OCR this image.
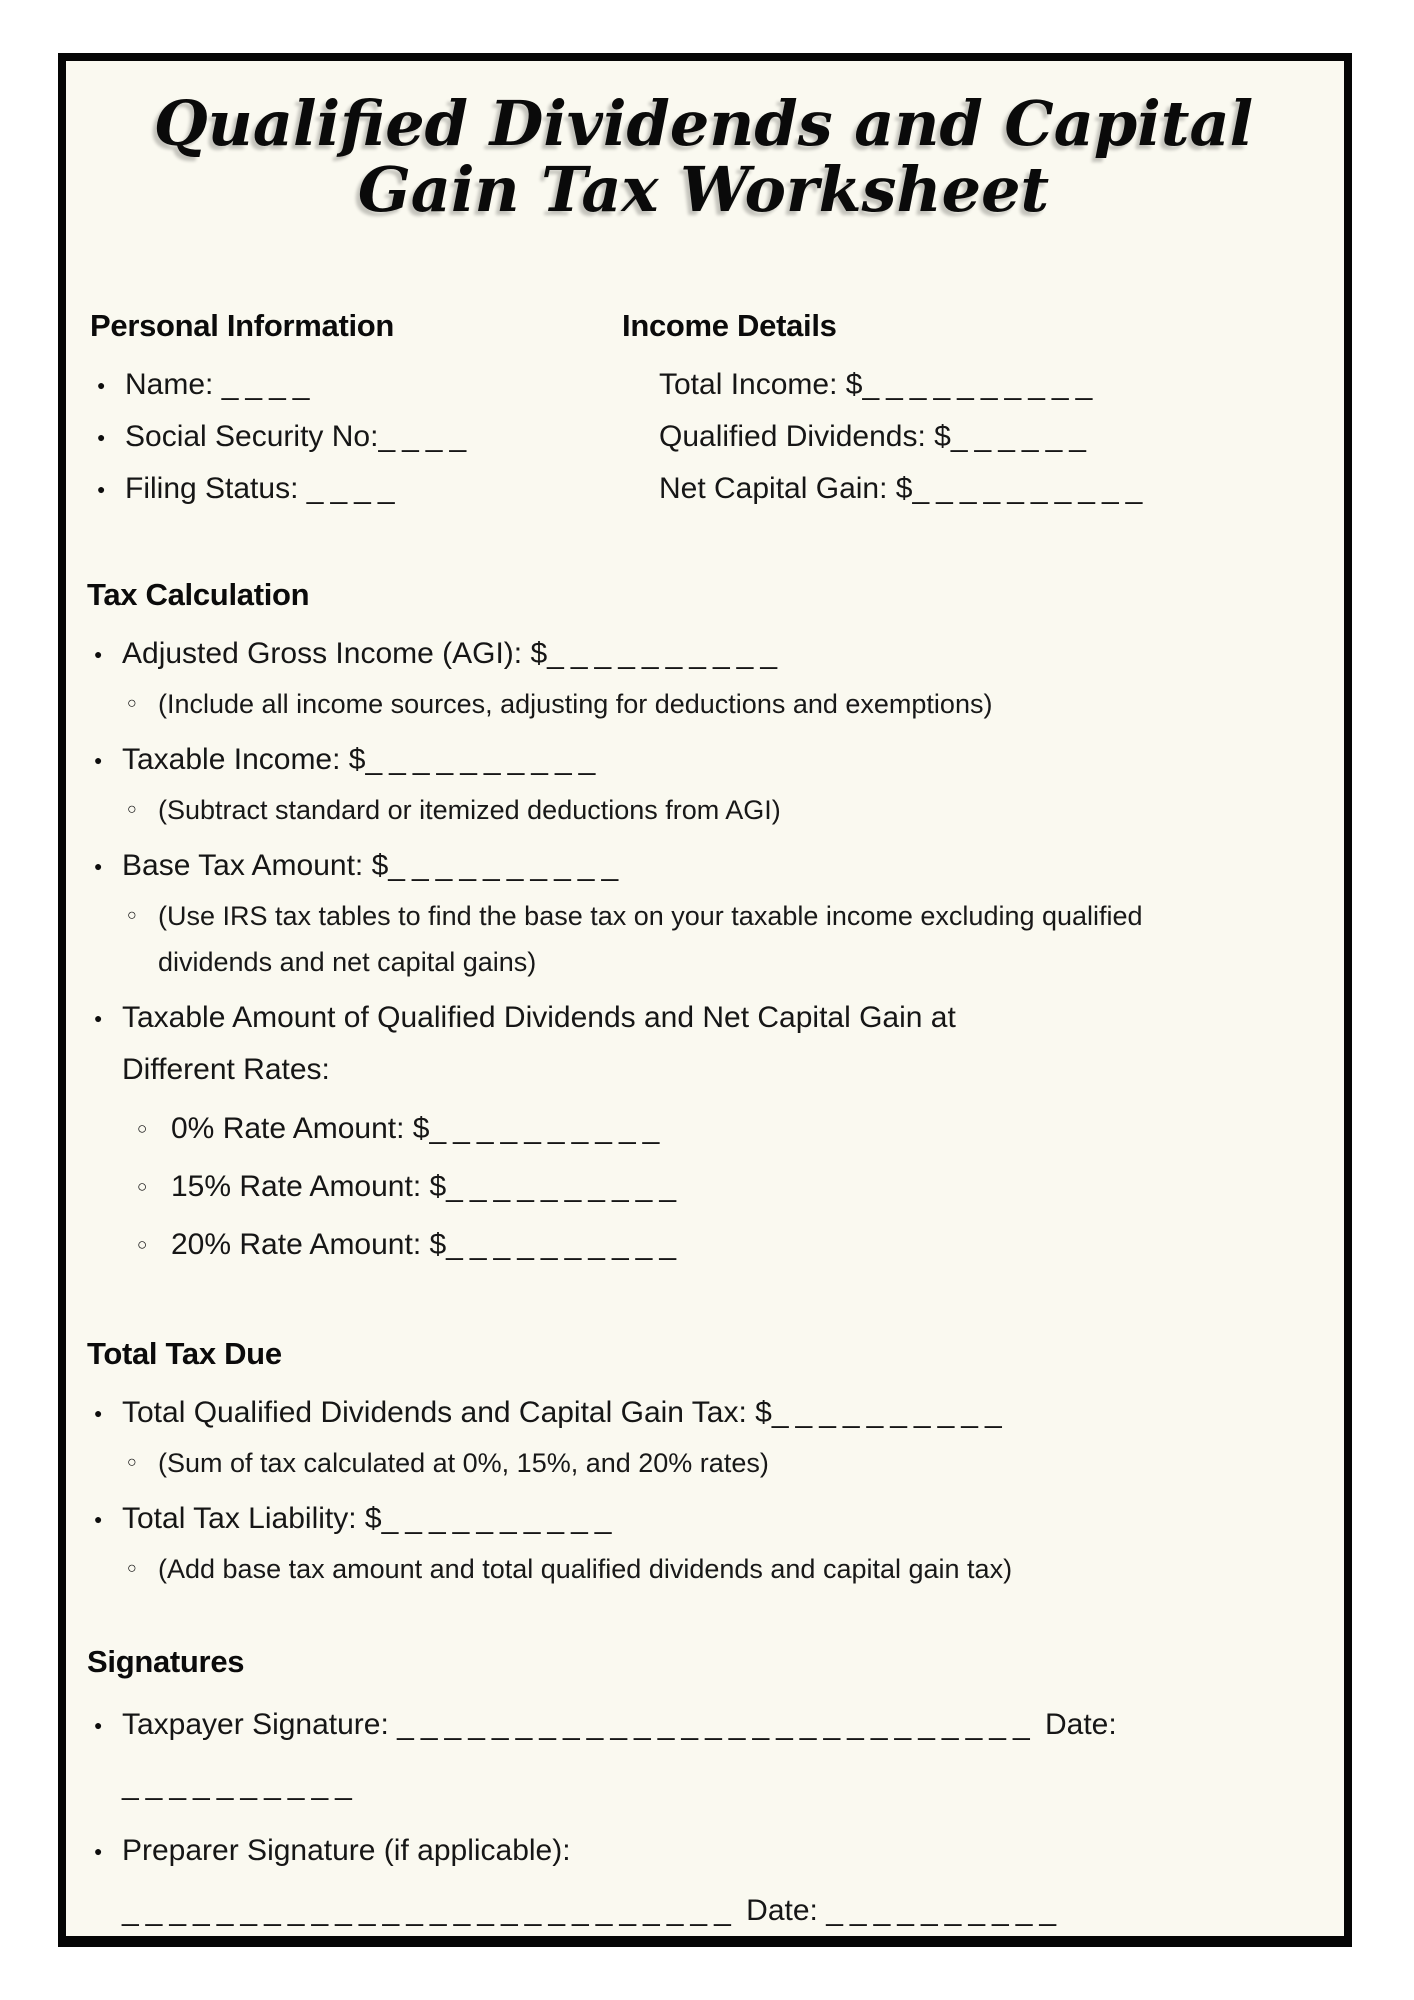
Qualified Dividends and Capital
Gain Tax Worksheet
Personal Information
● Name: ____
● Social Security No:____
● Filing Status: ____
Income Details
Total Income: $__________
Qualified Dividends: $______
Net Capital Gain: $__________
Tax Calculation
● Adjusted Gross Income (AGI): $__________
○ (Include all income sources, adjusting for deductions and exemptions)
● Taxable Income: $__________
○ (Subtract standard or itemized deductions from AGI)
● Base Tax Amount: $__________
○ (Use IRS tax tables to find the base tax on your taxable income excluding qualified dividends and net capital gains)
● Taxable Amount of Qualified Dividends and Net Capital Gain at Different Rates:
○ 0% Rate Amount: $__________
○ 15% Rate Amount: $__________
○ 20% Rate Amount: $__________
Total Tax Due
● Total Qualified Dividends and Capital Gain Tax: $__________
○ (Sum of tax calculated at 0%, 15%, and 20% rates)
● Total Tax Liability: $__________
○ (Add base tax amount and total qualified dividends and capital gain tax)
Signatures
● Taxpayer Signature: ___________________________ Date:
__________
● Preparer Signature (if applicable):
__________________________ Date: __________
